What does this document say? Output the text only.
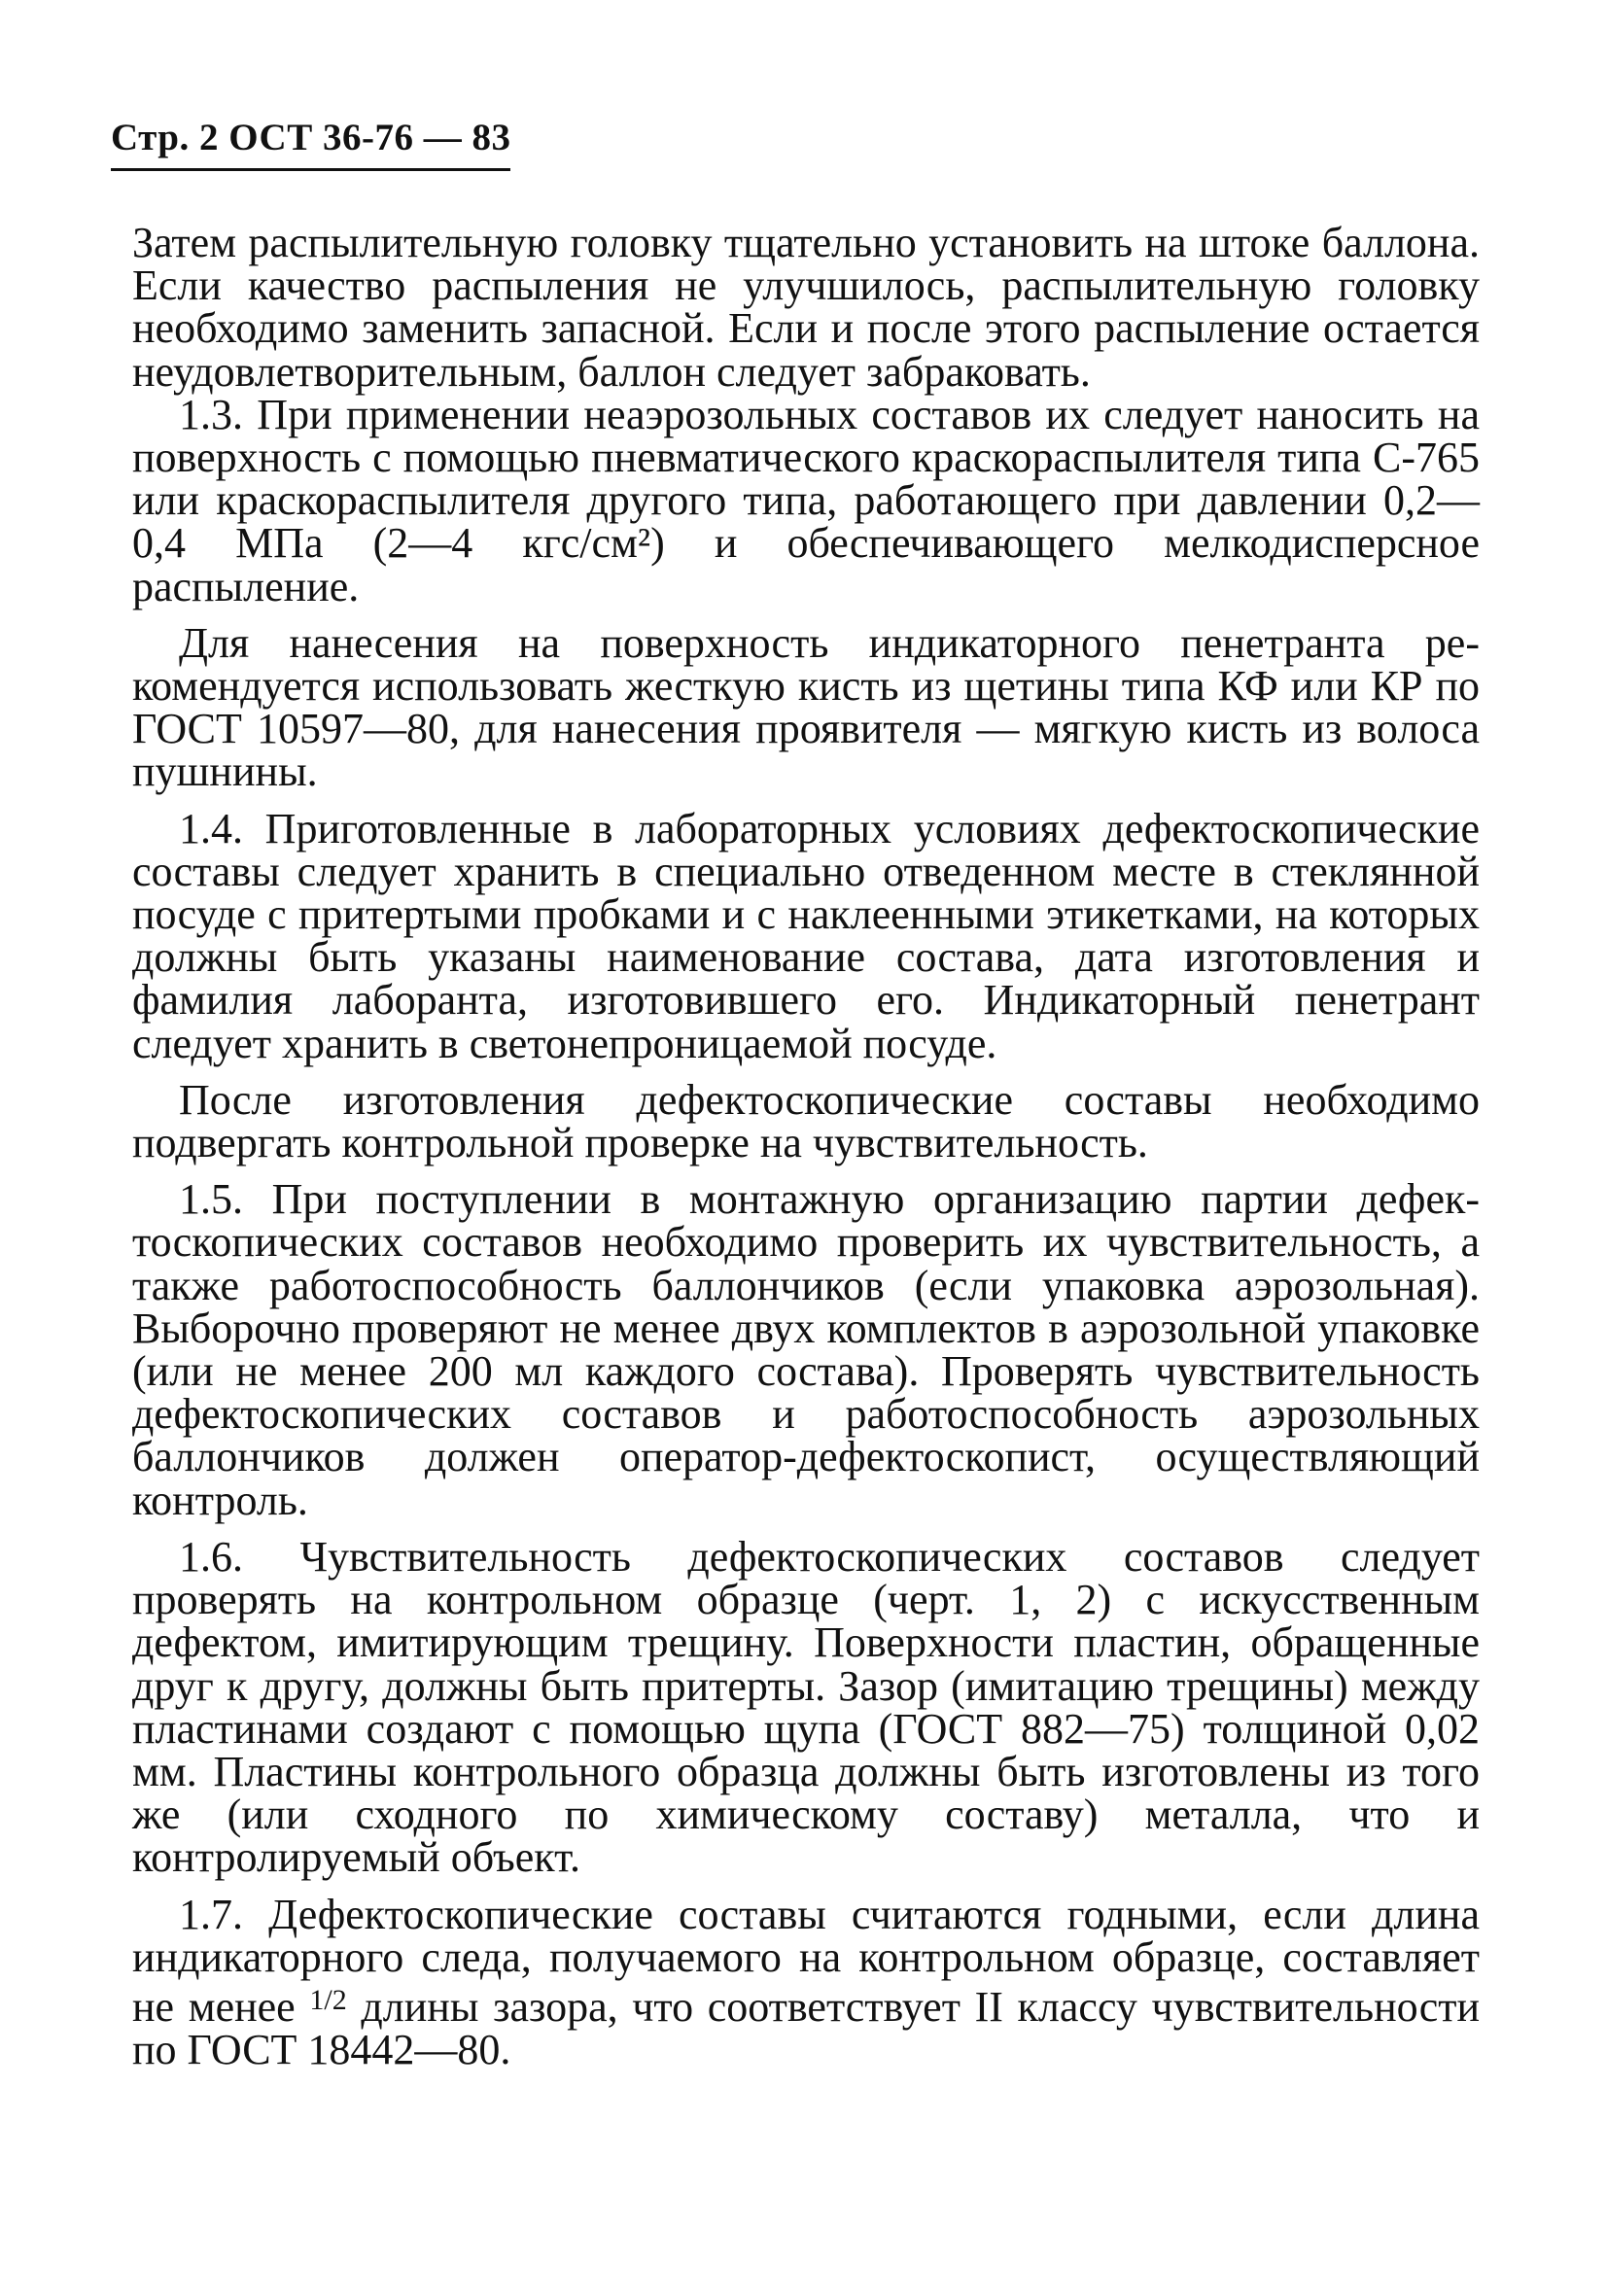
Стр. 2 ОСТ 36-76 — 83

Затем распылительную головку тщательно установить на штоке баллона. Если качество распыления не улучшилось, распылительную головку необходимо заменить запасной. Если и после этого распыление остается неудовлетворительным, баллон следует забраковать.

1.3. При применении неаэрозольных составов их следует наносить на поверхность с помощью пневматического краскораспылителя типа С-765 или краскораспылителя другого типа, работающего при давлении 0,2—0,4 МПа (2—4 кгс/см²) и обеспечивающего мелкодисперсное распыление.

Для нанесения на поверхность индикаторного пенетранта рекомендуется использовать жесткую кисть из щетины типа КФ или КР по ГОСТ 10597—80, для нанесения проявителя — мягкую кисть из волоса пушнины.

1.4. Приготовленные в лабораторных условиях дефектоскопические составы следует хранить в специально отведенном месте в стеклянной посуде с притертыми пробками и с наклеенными этикетками, на которых должны быть указаны наименование состава, дата изготовления и фамилия лаборанта, изготовившего его. Индикаторный пенетрант следует хранить в светонепроницаемой посуде.

После изготовления дефектоскопические составы необходимо подвергать контрольной проверке на чувствительность.

1.5. При поступлении в монтажную организацию партии дефектоскопических составов необходимо проверить их чувствительность, а также работоспособность баллончиков (если упаковка аэрозольная). Выборочно проверяют не менее двух комплектов в аэрозольной упаковке (или не менее 200 мл каждого состава). Проверять чувствительность дефектоскопических составов и работоспособность аэрозольных баллончиков должен оператор-дефектоскопист, осуществляющий контроль.

1.6. Чувствительность дефектоскопических составов следует проверять на контрольном образце (черт. 1, 2) с искусственным дефектом, имитирующим трещину. Поверхности пластин, обращенные друг к другу, должны быть притерты. Зазор (имитацию трещины) между пластинами создают с помощью щупа (ГОСТ 882—75) толщиной 0,02 мм. Пластины контрольного образца должны быть изготовлены из того же (или сходного по химическому составу) металла, что и контролируемый объект.

1.7. Дефектоскопические составы считаются годными, если длина индикаторного следа, получаемого на контрольном образце, составляет не менее $^{1/2}$ длины зазора, что соответствует II классу чувствительности по ГОСТ 18442—80.
